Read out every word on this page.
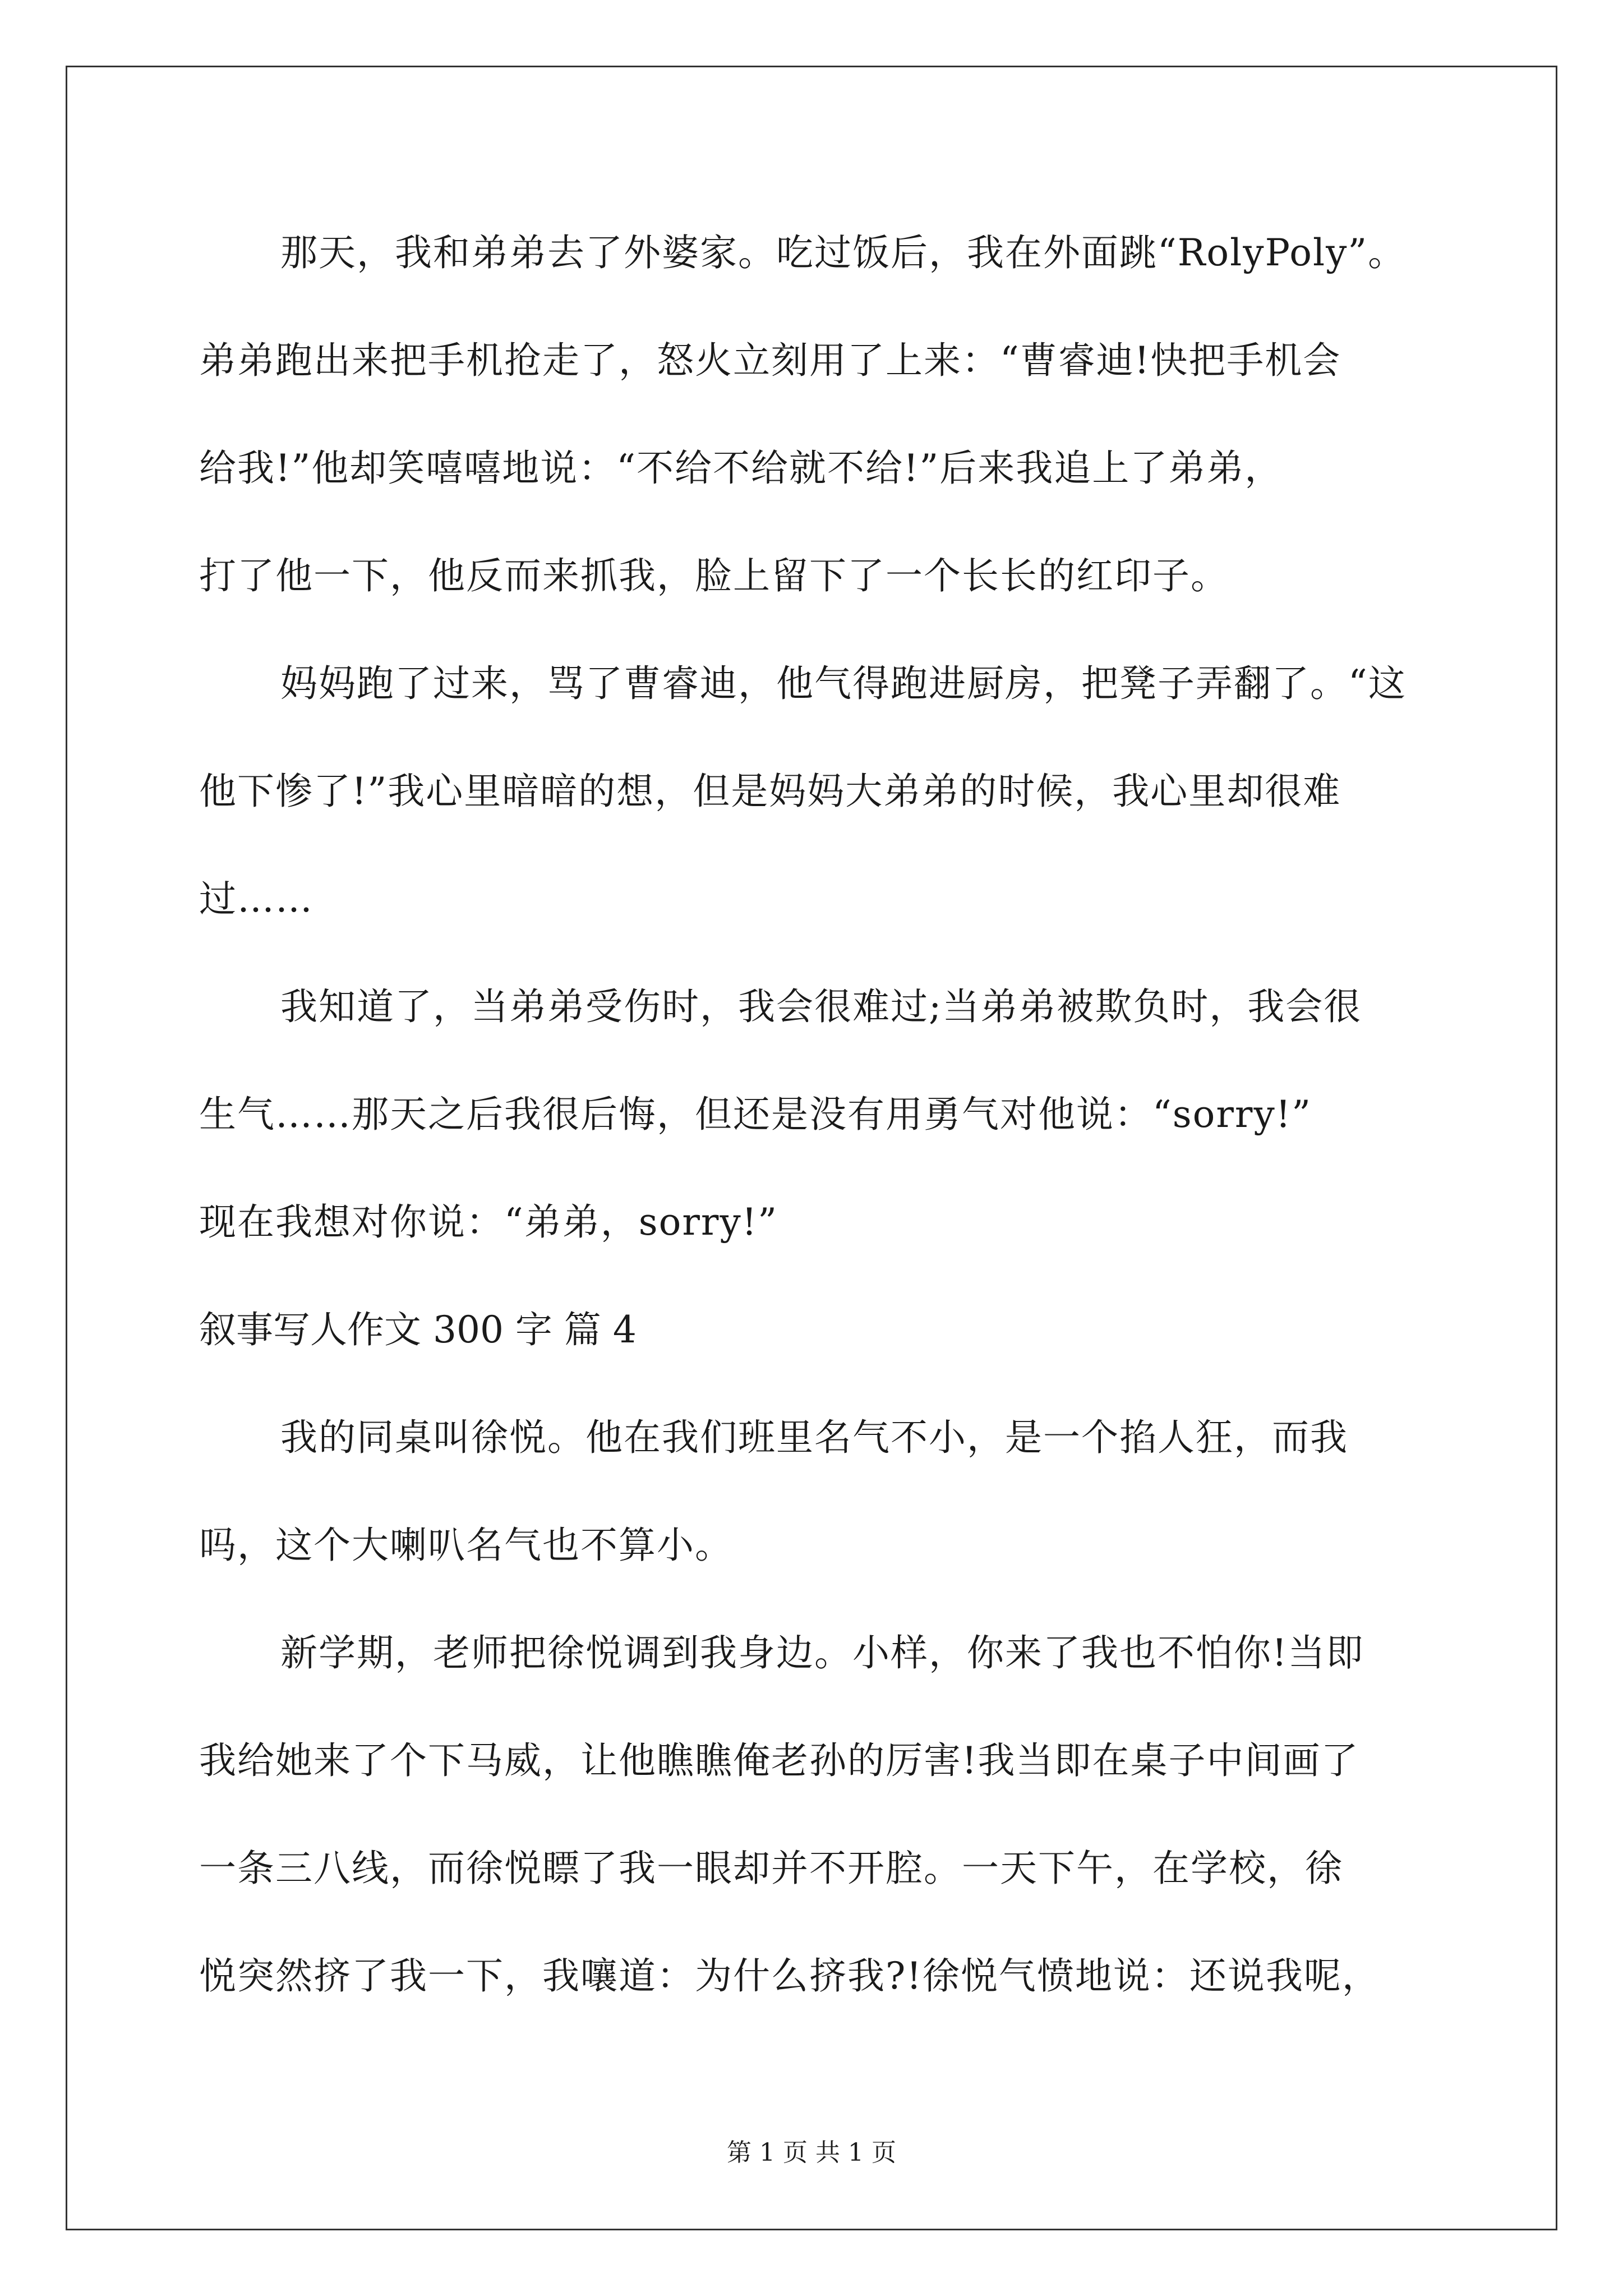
那天，我和弟弟去了外婆家。吃过饭后，我在外面跳“RolyPoly”。
弟弟跑出来把手机抢走了，怒火立刻用了上来：“曹睿迪!快把手机会
给我!”他却笑嘻嘻地说：“不给不给就不给!”后来我追上了弟弟，
打了他一下，他反而来抓我，脸上留下了一个长长的红印子。
妈妈跑了过来，骂了曹睿迪，他气得跑进厨房，把凳子弄翻了。“这
他下惨了!”我心里暗暗的想，但是妈妈大弟弟的时候，我心里却很难
过……
我知道了，当弟弟受伤时，我会很难过;当弟弟被欺负时，我会很
生气……那天之后我很后悔，但还是没有用勇气对他说：“sorry!”
现在我想对你说：“弟弟，sorry!”
叙事写人作文 300 字 篇 4
我的同桌叫徐悦。他在我们班里名气不小，是一个掐人狂，而我
吗，这个大喇叭名气也不算小。
新学期，老师把徐悦调到我身边。小样，你来了我也不怕你!当即
我给她来了个下马威，让他瞧瞧俺老孙的厉害!我当即在桌子中间画了
一条三八线，而徐悦瞟了我一眼却并不开腔。一天下午，在学校，徐
悦突然挤了我一下，我嚷道：为什么挤我?!徐悦气愤地说：还说我呢，
第 1 页 共 1 页
